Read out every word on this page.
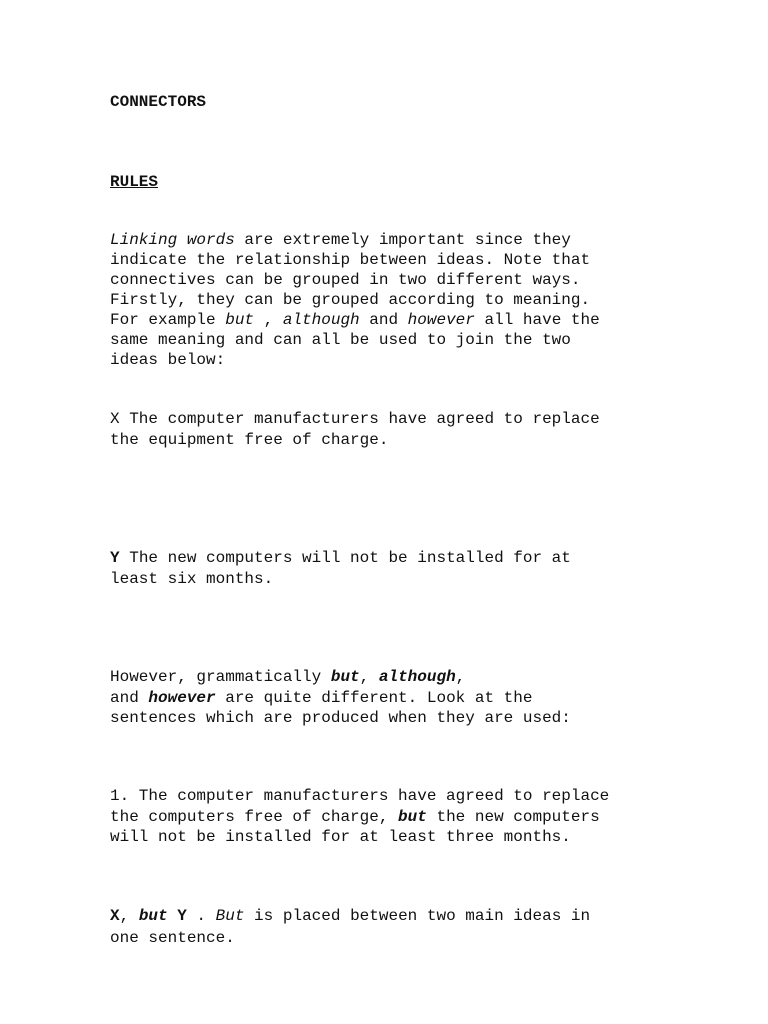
CONNECTORS

RULES

Linking words are extremely important since they
indicate the relationship between ideas. Note that
connectives can be grouped in two different ways.
Firstly, they can be grouped according to meaning.
For example but , although and however all have the
same meaning and can all be used to join the two
ideas below:
X The computer manufacturers have agreed to replace
the equipment free of charge.
Y The new computers will not be installed for at
least six months.
However, grammatically but, although,
and however are quite different. Look at the
sentences which are produced when they are used:
1. The computer manufacturers have agreed to replace
the computers free of charge, but the new computers
will not be installed for at least three months.
X, but Y . But is placed between two main ideas in
one sentence.
